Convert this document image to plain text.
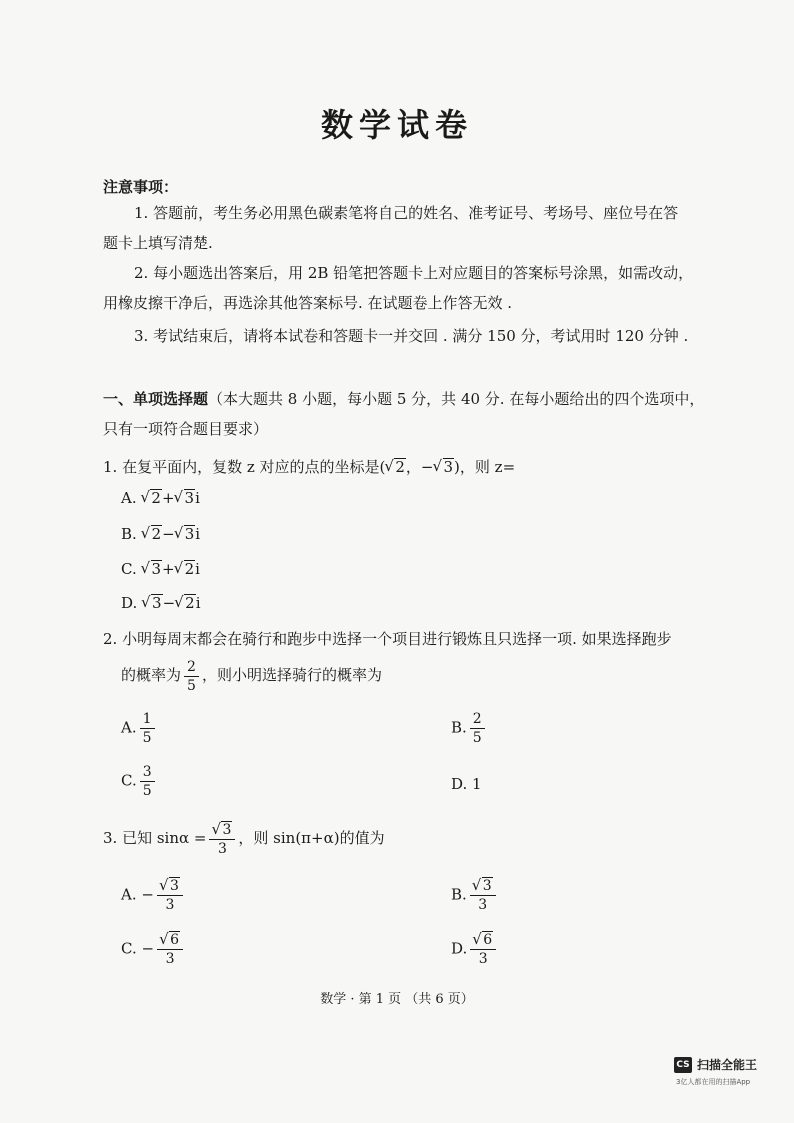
数学试卷
注意事项：
1. 答题前，考生务必用黑色碳素笔将自己的姓名、准考证号、考场号、座位号在答
题卡上填写清楚.
2. 每小题选出答案后，用 2B 铅笔把答题卡上对应题目的答案标号涂黑，如需改动，
用橡皮擦干净后，再选涂其他答案标号. 在试题卷上作答无效 .
3. 考试结束后，请将本试卷和答题卡一并交回 . 满分 150 分，考试用时 120 分钟 .
一、单项选择题（本大题共 8 小题，每小题 5 分，共 40 分. 在每小题给出的四个选项中，
只有一项符合题目要求）
1. 在复平面内，复数 z 对应的点的坐标是( √ 2，− √ 3)，则 z=
A. √ 2+ √ 3i
B. √ 2− √ 3i
C. √ 3+ √ 2i
D. √ 3− √ 2i
2. 小明每周末都会在骑行和跑步中选择一个项目进行锻炼且只选择一项. 如果选择跑步
的概率为 $\frac{2}{5}$ ，则小明选择骑行的概率为
A. $\frac{1}{5}$	B. $\frac{2}{5}$
C. $\frac{3}{5}$	D. 1
3. 已知 sinα = √ $\frac{3}{3}$ ，则 sin(π+α)的值为
A. − √ $\frac{3}{3}$	B. √ $\frac{3}{3}$
C. − √ $\frac{6}{3}$	D. √ $\frac{6}{3}$
数学 · 第 1 页 （共 6 页）
CS 扫描全能王
3亿人都在用的扫描App
